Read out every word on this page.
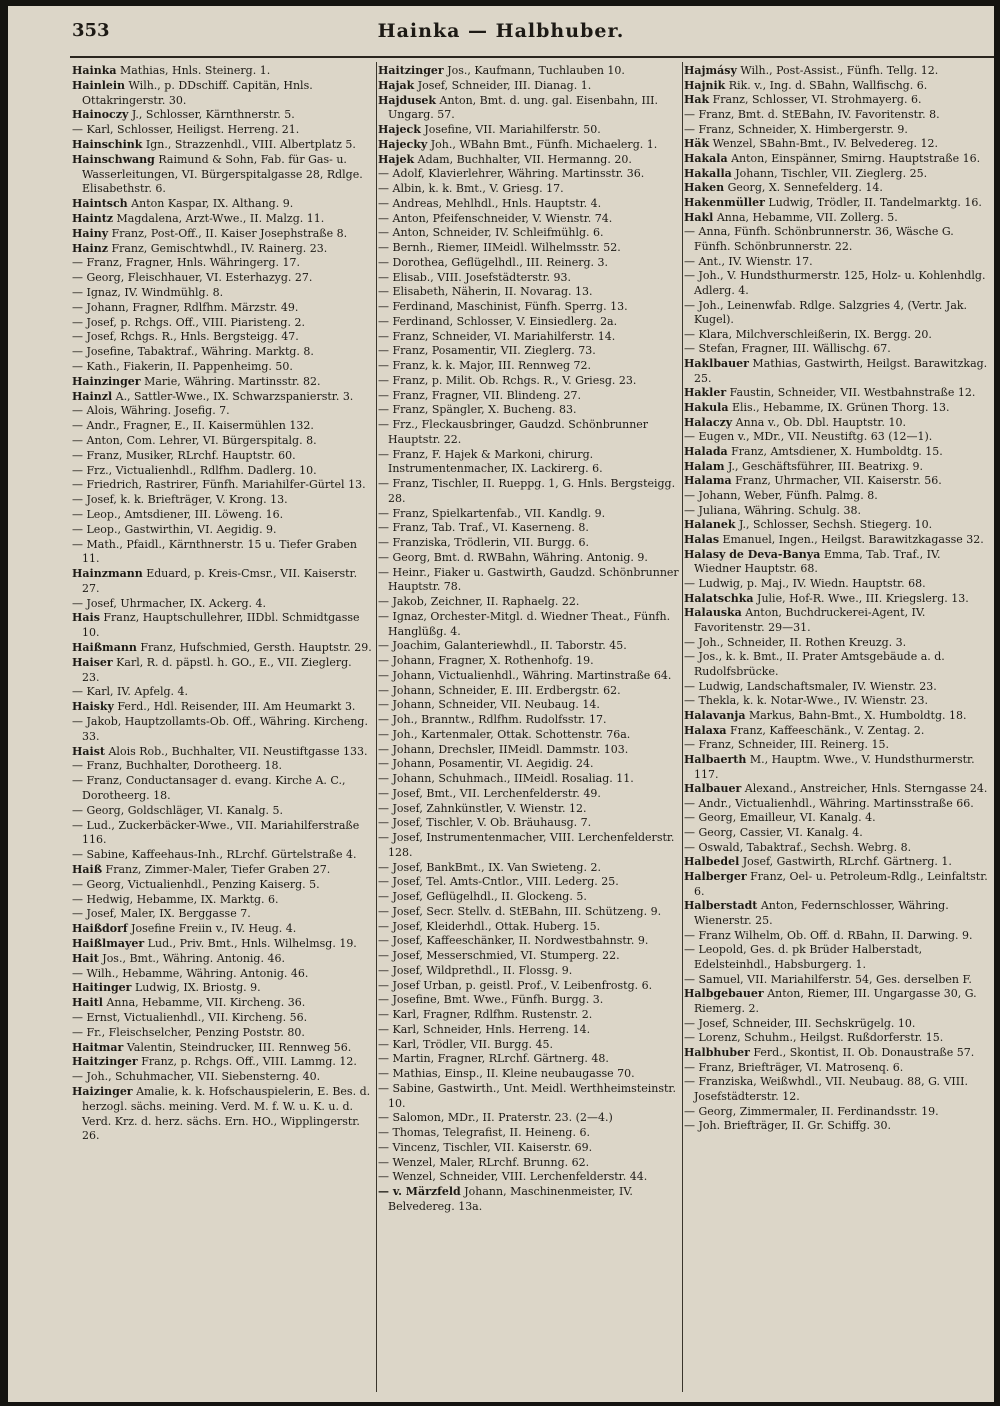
Hainka — Halbhuber.
353

Hainka Mathias, Hnls. Steinerg. 1.

Hainlein Wilh., p. DDschiff. Capitän, Hnls. Ottakringerstr. 30.

Hainoczy J., Schlosser, Kärnthnerstr. 5.

— Karl, Schlosser, Heiligst. Herreng. 21.

Hainschink Ign., Strazzenhdl., VIII. Albertplatz 5.

Hainschwang Raimund & Sohn, Fab. für Gas- u. Wasserleitungen, VI. Bürgerspitalgasse 28, Rdlge. Elisabethstr. 6.

Haintsch Anton Kaspar, IX. Althang. 9.

Haintz Magdalena, Arzt-Wwe., II. Malzg. 11.

Hainy Franz, Post-Off., II. Kaiser Josephstraße 8.

Hainz Franz, Gemischtwhdl., IV. Rainerg. 23.

— Franz, Fragner, Hnls. Währingerg. 17.

— Georg, Fleischhauer, VI. Esterhazyg. 27.

— Ignaz, IV. Windmühlg. 8.

— Johann, Fragner, Rdlfhm. Märzstr. 49.

— Josef, p. Rchgs. Off., VIII. Piaristeng. 2.

— Josef, Rchgs. R., Hnls. Bergsteigg. 47.

— Josefine, Tabaktraf., Währing. Marktg. 8.

— Kath., Fiakerin, II. Pappenheimg. 50.

Hainzinger Marie, Währing. Martinsstr. 82.

Hainzl A., Sattler-Wwe., IX. Schwarzspanierstr. 3.

— Alois, Währing. Josefig. 7.

— Andr., Fragner, E., II. Kaisermühlen 132.

— Anton, Com. Lehrer, VI. Bürgerspitalg. 8.

— Franz, Musiker, RLrchf. Hauptstr. 60.

— Frz., Victualienhdl., Rdlfhm. Dadlerg. 10.

— Friedrich, Rastrirer, Fünfh. Mariahilfer-Gürtel 13.

— Josef, k. k. Briefträger, V. Krong. 13.

— Leop., Amtsdiener, III. Löweng. 16.

— Leop., Gastwirthin, VI. Aegidig. 9.

— Math., Pfaidl., Kärnthnerstr. 15 u. Tiefer Graben 11.

Hainzmann Eduard, p. Kreis-Cmsr., VII. Kaiserstr. 27.

— Josef, Uhrmacher, IX. Ackerg. 4.

Hais Franz, Hauptschullehrer, IIDbl. Schmidtgasse 10.

Haißmann Franz, Hufschmied, Gersth. Hauptstr. 29.

Haiser Karl, R. d. päpstl. h. GO., E., VII. Zieglerg. 23.

— Karl, IV. Apfelg. 4.

Haisky Ferd., Hdl. Reisender, III. Am Heumarkt 3.

— Jakob, Hauptzollamts-Ob. Off., Währing. Kircheng. 33.

Haist Alois Rob., Buchhalter, VII. Neustiftgasse 133.

— Franz, Buchhalter, Dorotheerg. 18.

— Franz, Conductansager d. evang. Kirche A. C., Dorotheerg. 18.

— Georg, Goldschläger, VI. Kanalg. 5.

— Lud., Zuckerbäcker-Wwe., VII. Mariahilferstraße 116.

— Sabine, Kaffeehaus-Inh., RLrchf. Gürtelstraße 4.

Haiß Franz, Zimmer-Maler, Tiefer Graben 27.

— Georg, Victualienhdl., Penzing Kaiserg. 5.

— Hedwig, Hebamme, IX. Marktg. 6.

— Josef, Maler, IX. Berggasse 7.

Haißdorf Josefine Freiin v., IV. Heug. 4.

Haißlmayer Lud., Priv. Bmt., Hnls. Wilhelmsg. 19.

Hait Jos., Bmt., Währing. Antonig. 46.

— Wilh., Hebamme, Währing. Antonig. 46.

Haitinger Ludwig, IX. Briostg. 9.

Haitl Anna, Hebamme, VII. Kircheng. 36.

— Ernst, Victualienhdl., VII. Kircheng. 56.

— Fr., Fleischselcher, Penzing Poststr. 80.

Haitmar Valentin, Steindrucker, III. Rennweg 56.

Haitzinger Franz, p. Rchgs. Off., VIII. Lammg. 12.

— Joh., Schuhmacher, VII. Siebensterng. 40.

Haizinger Amalie, k. k. Hofschauspielerin, E. Bes. d. herzogl. sächs. meining. Verd. M. f. W. u. K. u. d. Verd. Krz. d. herz. sächs. Ern. HO., Wipplingerstr. 26.

Haitzinger Jos., Kaufmann, Tuchlauben 10.

Hajak Josef, Schneider, III. Dianag. 1.

Hajdusek Anton, Bmt. d. ung. gal. Eisenbahn, III. Ungarg. 57.

Hajeck Josefine, VII. Mariahilferstr. 50.

Hajecky Joh., WBahn Bmt., Fünfh. Michaelerg. 1.

Hajek Adam, Buchhalter, VII. Hermanng. 20.

— Adolf, Klavierlehrer, Währing. Martinsstr. 36.

— Albin, k. k. Bmt., V. Griesg. 17.

— Andreas, Mehlhdl., Hnls. Hauptstr. 4.

— Anton, Pfeifenschneider, V. Wienstr. 74.

— Anton, Schneider, IV. Schleifmühlg. 6.

— Bernh., Riemer, IIMeidl. Wilhelmsstr. 52.

— Dorothea, Geflügelhdl., III. Reinerg. 3.

— Elisab., VIII. Josefstädterstr. 93.

— Elisabeth, Näherin, II. Novarag. 13.

— Ferdinand, Maschinist, Fünfh. Sperrg. 13.

— Ferdinand, Schlosser, V. Einsiedlerg. 2a.

— Franz, Schneider, VI. Mariahilferstr. 14.

— Franz, Posamentir, VII. Zieglerg. 73.

— Franz, k. k. Major, III. Rennweg 72.

— Franz, p. Milit. Ob. Rchgs. R., V. Griesg. 23.

— Franz, Fragner, VII. Blindeng. 27.

— Franz, Spängler, X. Bucheng. 83.

— Frz., Fleckausbringer, Gaudzd. Schönbrunner Hauptstr. 22.

— Franz, F. Hajek & Markoni, chirurg. Instrumentenmacher, IX. Lackirerg. 6.

— Franz, Tischler, II. Rueppg. 1, G. Hnls. Bergsteigg. 28.

— Franz, Spielkartenfab., VII. Kandlg. 9.

— Franz, Tab. Traf., VI. Kaserneng. 8.

— Franziska, Trödlerin, VII. Burgg. 6.

— Georg, Bmt. d. RWBahn, Währing. Antonig. 9.

— Heinr., Fiaker u. Gastwirth, Gaudzd. Schönbrunner Hauptstr. 78.

— Jakob, Zeichner, II. Raphaelg. 22.

— Ignaz, Orchester-Mitgl. d. Wiedner Theat., Fünfh. Hanglüßg. 4.

— Joachim, Galanteriewhdl., II. Taborstr. 45.

— Johann, Fragner, X. Rothenhofg. 19.

— Johann, Victualienhdl., Währing. Martinstraße 64.

— Johann, Schneider, E. III. Erdbergstr. 62.

— Johann, Schneider, VII. Neubaug. 14.

— Joh., Branntw., Rdlfhm. Rudolfsstr. 17.

— Joh., Kartenmaler, Ottak. Schottenstr. 76a.

— Johann, Drechsler, IIMeidl. Dammstr. 103.

— Johann, Posamentir, VI. Aegidig. 24.

— Johann, Schuhmach., IIMeidl. Rosaliag. 11.

— Josef, Bmt., VII. Lerchenfelderstr. 49.

— Josef, Zahnkünstler, V. Wienstr. 12.

— Josef, Tischler, V. Ob. Bräuhausg. 7.

— Josef, Instrumentenmacher, VIII. Lerchenfelderstr. 128.

— Josef, BankBmt., IX. Van Swieteng. 2.

— Josef, Tel. Amts-Cntlor., VIII. Lederg. 25.

— Josef, Geflügelhdl., II. Glockeng. 5.

— Josef, Secr. Stellv. d. StEBahn, III. Schützeng. 9.

— Josef, Kleiderhdl., Ottak. Huberg. 15.

— Josef, Kaffeeschänker, II. Nordwestbahnstr. 9.

— Josef, Messerschmied, VI. Stumperg. 22.

— Josef, Wildprethdl., II. Flossg. 9.

— Josef Urban, p. geistl. Prof., V. Leibenfrostg. 6.

— Josefine, Bmt. Wwe., Fünfh. Burgg. 3.

— Karl, Fragner, Rdlfhm. Rustenstr. 2.

— Karl, Schneider, Hnls. Herreng. 14.

— Karl, Trödler, VII. Burgg. 45.

— Martin, Fragner, RLrchf. Gärtnerg. 48.

— Mathias, Einsp., II. Kleine neubaugasse 70.

— Sabine, Gastwirth., Unt. Meidl. Werthheimsteinstr. 10.

— Salomon, MDr., II. Praterstr. 23. (2—4.)

— Thomas, Telegrafist, II. Heineng. 6.

— Vincenz, Tischler, VII. Kaiserstr. 69.

— Wenzel, Maler, RLrchf. Brunng. 62.

— Wenzel, Schneider, VIII. Lerchenfelderstr. 44.

— v. Märzfeld Johann, Maschinenmeister, IV. Belvedereg. 13a.

Hajmásy Wilh., Post-Assist., Fünfh. Tellg. 12.

Hajnik Rik. v., Ing. d. SBahn, Wallfischg. 6.

Hak Franz, Schlosser, VI. Strohmayerg. 6.

— Franz, Bmt. d. StEBahn, IV. Favoritenstr. 8.

— Franz, Schneider, X. Himbergerstr. 9.

Häk Wenzel, SBahn-Bmt., IV. Belvedereg. 12.

Hakala Anton, Einspänner, Smirng. Hauptstraße 16.

Hakalla Johann, Tischler, VII. Zieglerg. 25.

Haken Georg, X. Sennefelderg. 14.

Hakenmüller Ludwig, Trödler, II. Tandelmarktg. 16.

Hakl Anna, Hebamme, VII. Zollerg. 5.

— Anna, Fünfh. Schönbrunnerstr. 36, Wäsche G. Fünfh. Schönbrunnerstr. 22.

— Ant., IV. Wienstr. 17.

— Joh., V. Hundsthurmerstr. 125, Holz- u. Kohlenhdlg. Adlerg. 4.

— Joh., Leinenwfab. Rdlge. Salzgries 4, (Vertr. Jak. Kugel).

— Klara, Milchverschleißerin, IX. Bergg. 20.

— Stefan, Fragner, III. Wällischg. 67.

Haklbauer Mathias, Gastwirth, Heilgst. Barawitzkag. 25.

Hakler Faustin, Schneider, VII. Westbahnstraße 12.

Hakula Elis., Hebamme, IX. Grünen Thorg. 13.

Halaczy Anna v., Ob. Dbl. Hauptstr. 10.

— Eugen v., MDr., VII. Neustiftg. 63 (12—1).

Halada Franz, Amtsdiener, X. Humboldtg. 15.

Halam J., Geschäftsführer, III. Beatrixg. 9.

Halama Franz, Uhrmacher, VII. Kaiserstr. 56.

— Johann, Weber, Fünfh. Palmg. 8.

— Juliana, Währing. Schulg. 38.

Halanek J., Schlosser, Sechsh. Stiegerg. 10.

Halas Emanuel, Ingen., Heilgst. Barawitzkagasse 32.

Halasy de Deva-Banya Emma, Tab. Traf., IV. Wiedner Hauptstr. 68.

— Ludwig, p. Maj., IV. Wiedn. Hauptstr. 68.

Halatschka Julie, Hof-R. Wwe., III. Kriegslerg. 13.

Halauska Anton, Buchdruckerei-Agent, IV. Favoritenstr. 29—31.

— Joh., Schneider, II. Rothen Kreuzg. 3.

— Jos., k. k. Bmt., II. Prater Amtsgebäude a. d. Rudolfsbrücke.

— Ludwig, Landschaftsmaler, IV. Wienstr. 23.

— Thekla, k. k. Notar-Wwe., IV. Wienstr. 23.

Halavanja Markus, Bahn-Bmt., X. Humboldtg. 18.

Halaxa Franz, Kaffeeschänk., V. Zentag. 2.

— Franz, Schneider, III. Reinerg. 15.

Halbaerth M., Hauptm. Wwe., V. Hundsthurmerstr. 117.

Halbauer Alexand., Anstreicher, Hnls. Sterngasse 24.

— Andr., Victualienhdl., Währing. Martinsstraße 66.

— Georg, Emailleur, VI. Kanalg. 4.

— Georg, Cassier, VI. Kanalg. 4.

— Oswald, Tabaktraf., Sechsh. Webrg. 8.

Halbedel Josef, Gastwirth, RLrchf. Gärtnerg. 1.

Halberger Franz, Oel- u. Petroleum-Rdlg., Leinfaltstr. 6.

Halberstadt Anton, Federnschlosser, Währing. Wienerstr. 25.

— Franz Wilhelm, Ob. Off. d. RBahn, II. Darwing. 9.

— Leopold, Ges. d. pk Brüder Halberstadt, Edelsteinhdl., Habsburgerg. 1.

— Samuel, VII. Mariahilferstr. 54, Ges. derselben F.

Halbgebauer Anton, Riemer, III. Ungargasse 30, G. Riemerg. 2.

— Josef, Schneider, III. Sechskrügelg. 10.

— Lorenz, Schuhm., Heilgst. Rußdorferstr. 15.

Halbhuber Ferd., Skontist, II. Ob. Donaustraße 57.

— Franz, Briefträger, VI. Matrosenq. 6.

— Franziska, Weißwhdl., VII. Neubaug. 88, G. VIII. Josefstädterstr. 12.

— Georg, Zimmermaler, II. Ferdinandsstr. 19.

— Joh. Briefträger, II. Gr. Schiffg. 30.
